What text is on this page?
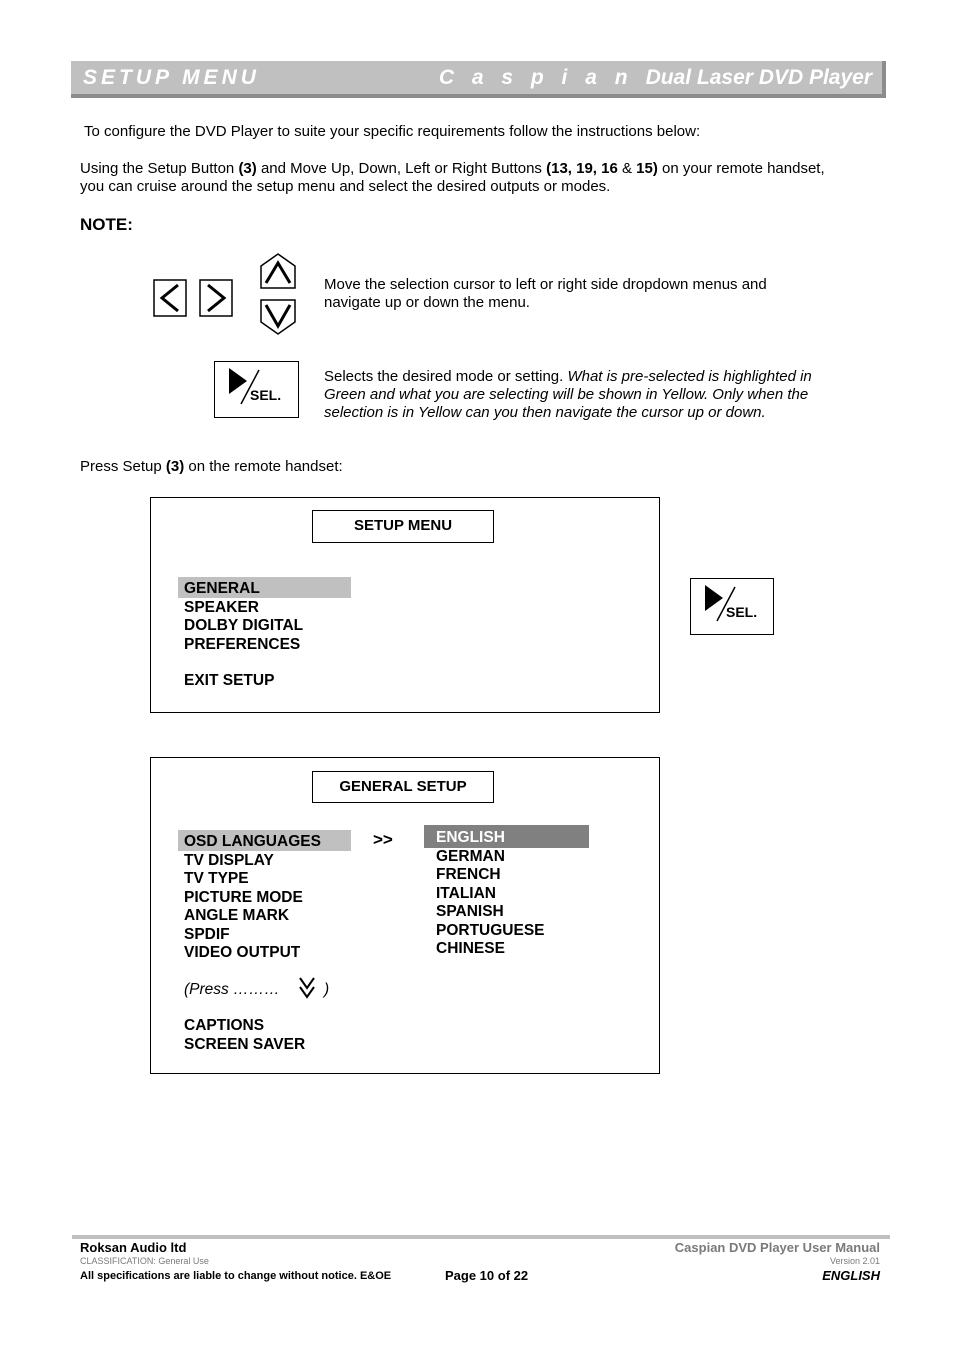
SETUP MENU	C a s p i a n Dual Laser DVD Player
To configure the DVD Player to suite your specific requirements follow the instructions below:
Using the Setup Button (3) and Move Up, Down, Left or Right Buttons (13, 19, 16 & 15) on your remote handset,
you can cruise around the setup menu and select the desired outputs or modes.
NOTE:
Move the selection cursor to left or right side dropdown menus and
navigate up or down the menu.
SEL.
Selects the desired mode or setting. What is pre-selected is highlighted in
Green and what you are selecting will be shown in Yellow. Only when the
selection is in Yellow can you then navigate the cursor up or down.
Press Setup (3) on the remote handset:
SETUP MENU
GENERAL
SPEAKER
DOLBY DIGITAL
PREFERENCES
EXIT SETUP
SEL.
GENERAL SETUP
OSD LANGUAGES
TV DISPLAY
TV TYPE
PICTURE MODE
ANGLE MARK
SPDIF
VIDEO OUTPUT
>>	ENGLISH
GERMAN
FRENCH
ITALIAN
SPANISH
PORTUGUESE
CHINESE
(Press ………	)
CAPTIONS
SCREEN SAVER
Roksan Audio ltd
CLASSIFICATION: General Use
All specifications are liable to change without notice. E&OE	Page 10 of 22
Caspian DVD Player User Manual
Version 2.01
ENGLISH
